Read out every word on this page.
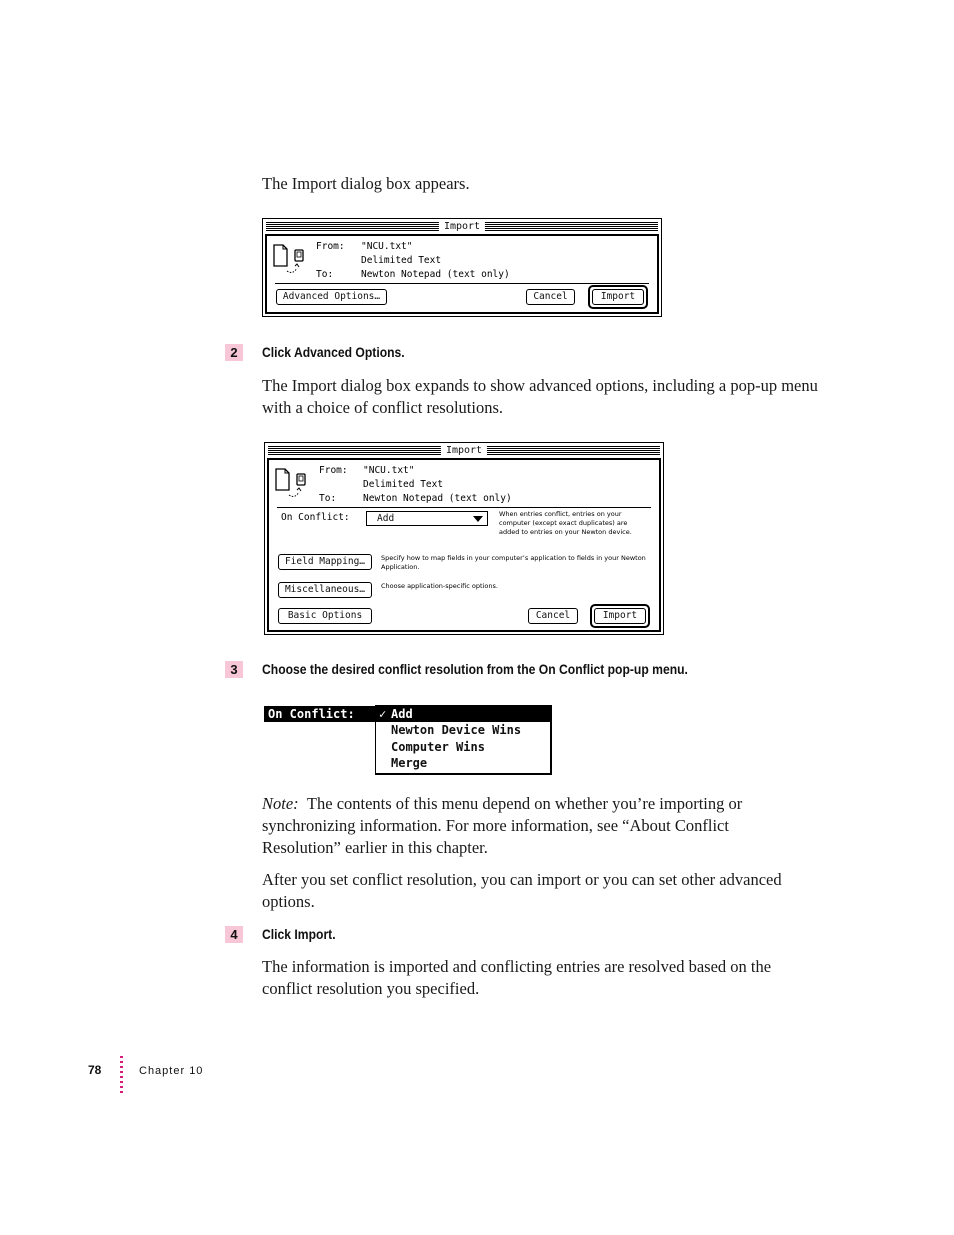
The Import dialog box appears.
Import
From: "NCU.txt"
Delimited Text
To:	Newton Notepad (text only)
Advanced Options…	Cancel	Import
2	Click Advanced Options.
The Import dialog box expands to show advanced options, including a pop-up menu with a choice of conflict resolutions.
Import
From: "NCU.txt"
Delimited Text
To:	Newton Notepad (text only)
On Conflict:	Add	When entries conflict, entries on your computer (except exact duplicates) are added to entries on your Newton device.
Field Mapping…	Specify how to map fields in your computer’s application to fields in your Newton Application.
Miscellaneous…	Choose application-specific options.
Basic Options	Cancel	Import
3	Choose the desired conflict resolution from the On Conflict pop-up menu.
On Conflict: ✓ Add
Newton Device Wins
Computer Wins
Merge
Note: The contents of this menu depend on whether you’re importing or synchronizing information. For more information, see “About Conflict Resolution” earlier in this chapter.
After you set conflict resolution, you can import or you can set other advanced options.
4	Click Import.
The information is imported and conflicting entries are resolved based on the conflict resolution you specified.
78	Chapter 10
